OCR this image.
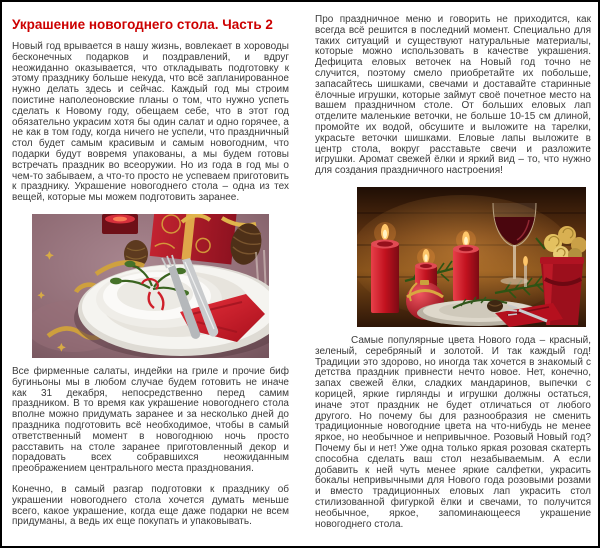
Украшение новогоднего стола. Часть 2

Новый год врывается в нашу жизнь, вовлекает в хороводы бесконечных подарков и поздравлений, и вдруг неожиданно оказывается, что откладывать подготовку к этому празднику больше некуда, что всё запланированное нужно делать здесь и сейчас. Каждый год мы строим поистине наполеоновские планы о том, что нужно успеть сделать к Новому году, обещаем себе, что в этот год обязательно украсим хотя бы один салат и одно горячее, а не как в том году, когда ничего не успели, что праздничный стол будет самым красивым и самым новогодним, что подарки будут вовремя упакованы, а мы будем готовы встречать праздник во всеоружии. Но из года в год мы о чем-то забываем, а что-то просто не успеваем приготовить к празднику. Украшение новогоднего стола – одна из тех вещей, которые мы можем подготовить заранее.

Все фирменные салаты, индейки на гриле и прочие биф бугиньоны мы в любом случае будем готовить не иначе как 31 декабря, непосредственно перед самим праздником. В то время как украшение новогоднего стола вполне можно придумать заранее и за несколько дней до праздника подготовить всё необходимое, чтобы в самый ответственный момент в новогоднюю ночь просто расставить на столе заранее приготовленный декор и порадовать всех собравшихся неожиданным преображением центрального места празднования.

Конечно, в самый разгар подготовки к празднику об украшении новогоднего стола хочется думать меньше всего, какое украшение, когда еще даже подарки не всем придуманы, а ведь их еще покупать и упаковывать.

Про праздничное меню и говорить не приходится, как всегда всё решится в последний момент. Специально для таких ситуаций и существуют натуральные материалы, которые можно использовать в качестве украшения. Дефицита еловых веточек на Новый год точно не случится, поэтому смело приобретайте их побольше, запасайтесь шишками, свечами и доставайте старинные ёлочные игрушки, которые займут своё почетное место на вашем праздничном столе. От больших еловых лап отделите маленькие веточки, не больше 10-15 см длиной, промойте их водой, обсушите и выложите на тарелки, украсьте веточки шишками. Еловые лапы выложите в центр стола, вокруг расставьте свечи и разложите игрушки. Аромат свежей ёлки и яркий вид – то, что нужно для создания праздничного настроения!

Самые популярные цвета Нового года – красный, зеленый, серебряный и золотой. И так каждый год! Традиции это здорово, но иногда так хочется в знакомый с детства праздник привнести нечто новое. Нет, конечно, запах свежей ёлки, сладких мандаринов, выпечки с корицей, яркие гирлянды и игрушки должны остаться, иначе этот праздник не будет отличаться от любого другого. Но почему бы для разнообразия не сменить традиционные новогодние цвета на что-нибудь не менее яркое, но необычное и непривычное. Розовый Новый год? Почему бы и нет! Уже одна только яркая розовая скатерть способна сделать ваш стол незабываемым. А если добавить к ней чуть менее яркие салфетки, украсить бокалы непривычными для Нового года розовыми розами и вместо традиционных еловых лап украсить стол стилизованной фигуркой ёлки и свечами, то получится необычное, яркое, запоминающееся украшение новогоднего стола.
